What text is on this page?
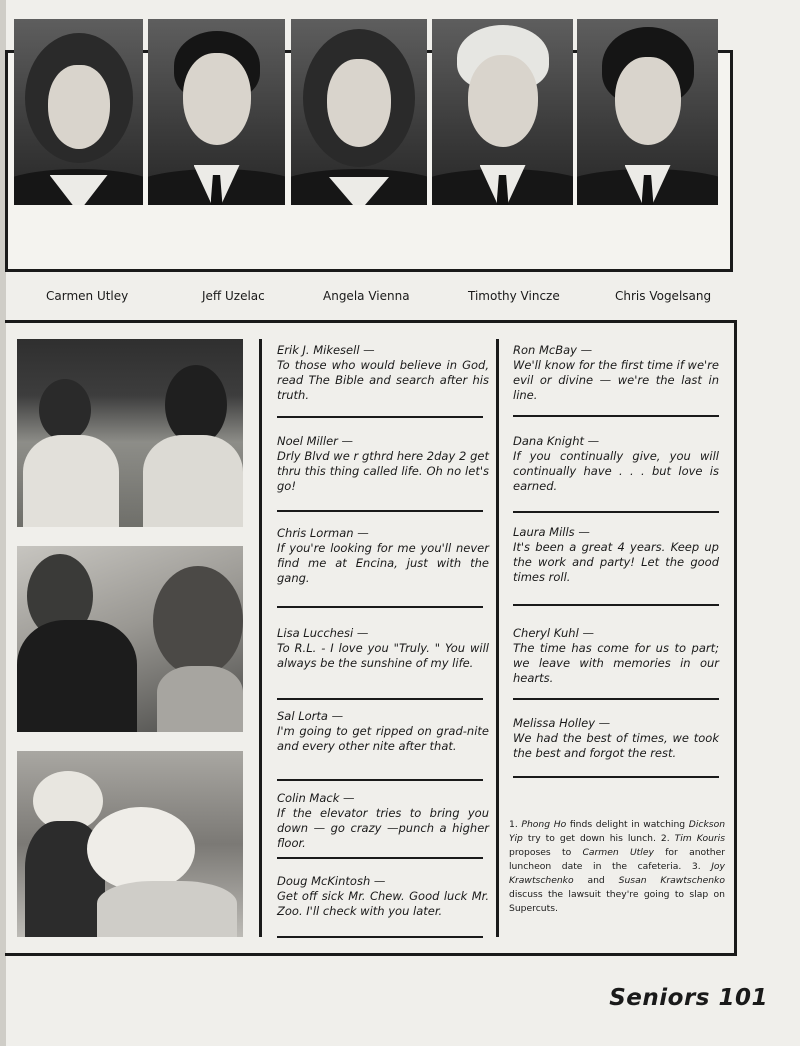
Carmen Utley	Jeff Uzelac	Angela Vienna	Timothy Vincze	Chris Vogelsang
Erik J. Mikesell —
To those who would believe in God, read The Bible and search after his truth.
Noel Miller —
Drly Blvd we r gthrd here 2day 2 get thru this thing called life. Oh no let's go!
Chris Lorman —
If you're looking for me you'll never find me at Encina, just with the gang.
Lisa Lucchesi —
To R.L. - I love you "Truly. " You will always be the sunshine of my life.
Sal Lorta —
I'm going to get ripped on grad-nite and every other nite after that.
Colin Mack —
If the elevator tries to bring you down — go crazy —punch a higher floor.
Doug McKintosh —
Get off sick Mr. Chew. Good luck Mr. Zoo. I'll check with you later.
Ron McBay —
We'll know for the first time if we're evil or divine — we're the last in line.
Dana Knight —
If you continually give, you will continually have . . . but love is earned.
Laura Mills —
It's been a great 4 years. Keep up the work and party! Let the good times roll.
Cheryl Kuhl —
The time has come for us to part; we leave with memories in our hearts.
Melissa Holley —
We had the best of times, we took the best and forgot the rest.
1. Phong Ho finds delight in watching Dickson Yip try to get down his lunch. 2. Tim Kouris proposes to Carmen Utley for another luncheon date in the cafeteria. 3. Joy Krawtschenko and Susan Krawtschenko discuss the lawsuit they're going to slap on Supercuts.
Seniors 101
